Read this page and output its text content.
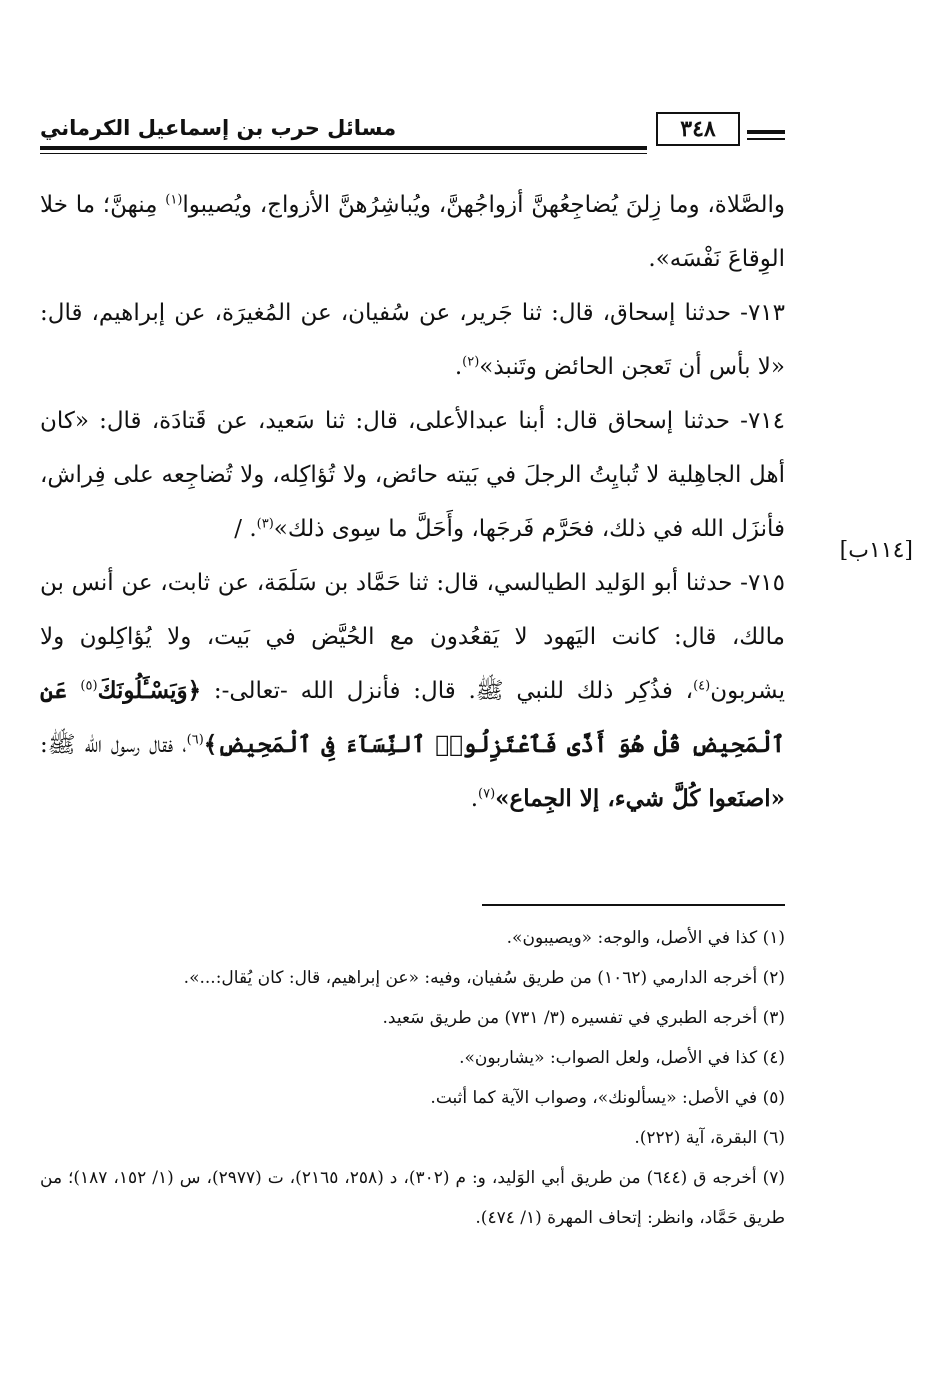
مسائل حرب بن إسماعيل الكرماني	٣٤٨

والصَّلاة، وما زِلنَ يُضاجِعُهنَّ أزواجُهنَّ، ويُباشِرُهنَّ الأزواج، ويُصيبوا$^{(١)}$ مِنهنَّ؛ ما خلا الوِقاعَ نَفْسَه».

٧١٣- حدثنا إسحاق، قال: ثنا جَرير، عن سُفيان، عن المُغيرَة، عن إبراهيم، قال: «لا بأس أن تَعجن الحائض وتَنبذ»$^{(٢)}$.

٧١٤- حدثنا إسحاق قال: أبنا عبدالأعلى، قال: ثنا سَعيد، عن قَتادَة، قال: «كان أهل الجاهِلية لا تُبايِتُ الرجلَ في بَيته حائض، ولا تُؤاكِله، ولا تُضاجِعه على فِراش، فأنزَل الله في ذلك، فحَرَّم فَرجَها، وأَحَلَّ ما سِوى ذلك»$^{(٣)}$. /

٧١٥- حدثنا أبو الوَليد الطيالسي، قال: ثنا حَمَّاد بن سَلَمَة، عن ثابت، عن أنس بن مالك، قال: كانت اليَهود لا يَقعُدون مع الحُيَّض في بَيت، ولا يُؤاكِلون ولا يشربون$^{(٤)}$، فذُكِر ذلك للنبي ﷺ. قال: فأنزل الله -تعالى-: ﴿وَيَسْـَٔلُونَكَ$^{(٥)}$ عَنِ ٱلْمَحِيضِ قُلْ هُوَ أَذًى فَٱعْتَزِلُوا۟ ٱلنِّسَآءَ فِى ٱلْمَحِيضِ﴾$^{(٦)}$، فقال رسول الله ﷺ: «اصنَعوا كُلَّ شيء، إلا الجِماع»$^{(٧)}$.

[١١٤ب]

(١) كذا في الأصل، والوجه: «ويصيبون».

(٢) أخرجه الدارمي (١٠٦٢) من طريق سُفيان، وفيه: «عن إبراهيم، قال: كان يُقال:...».

(٣) أخرجه الطبري في تفسيره (٣/ ٧٣١) من طريق سَعيد.

(٤) كذا في الأصل، ولعل الصواب: «يشاربون».

(٥) في الأصل: «يسألونك»، وصواب الآية كما أثبت.

(٦) البقرة، آية (٢٢٢).

(٧) أخرجه ق (٦٤٤) من طريق أبي الوَليد، و: م (٣٠٢)، د (٢٥٨، ٢١٦٥)، ت (٢٩٧٧)، س (١/ ١٥٢، ١٨٧)؛ من طريق حَمَّاد، وانظر: إتحاف المهرة (١/ ٤٧٤).
